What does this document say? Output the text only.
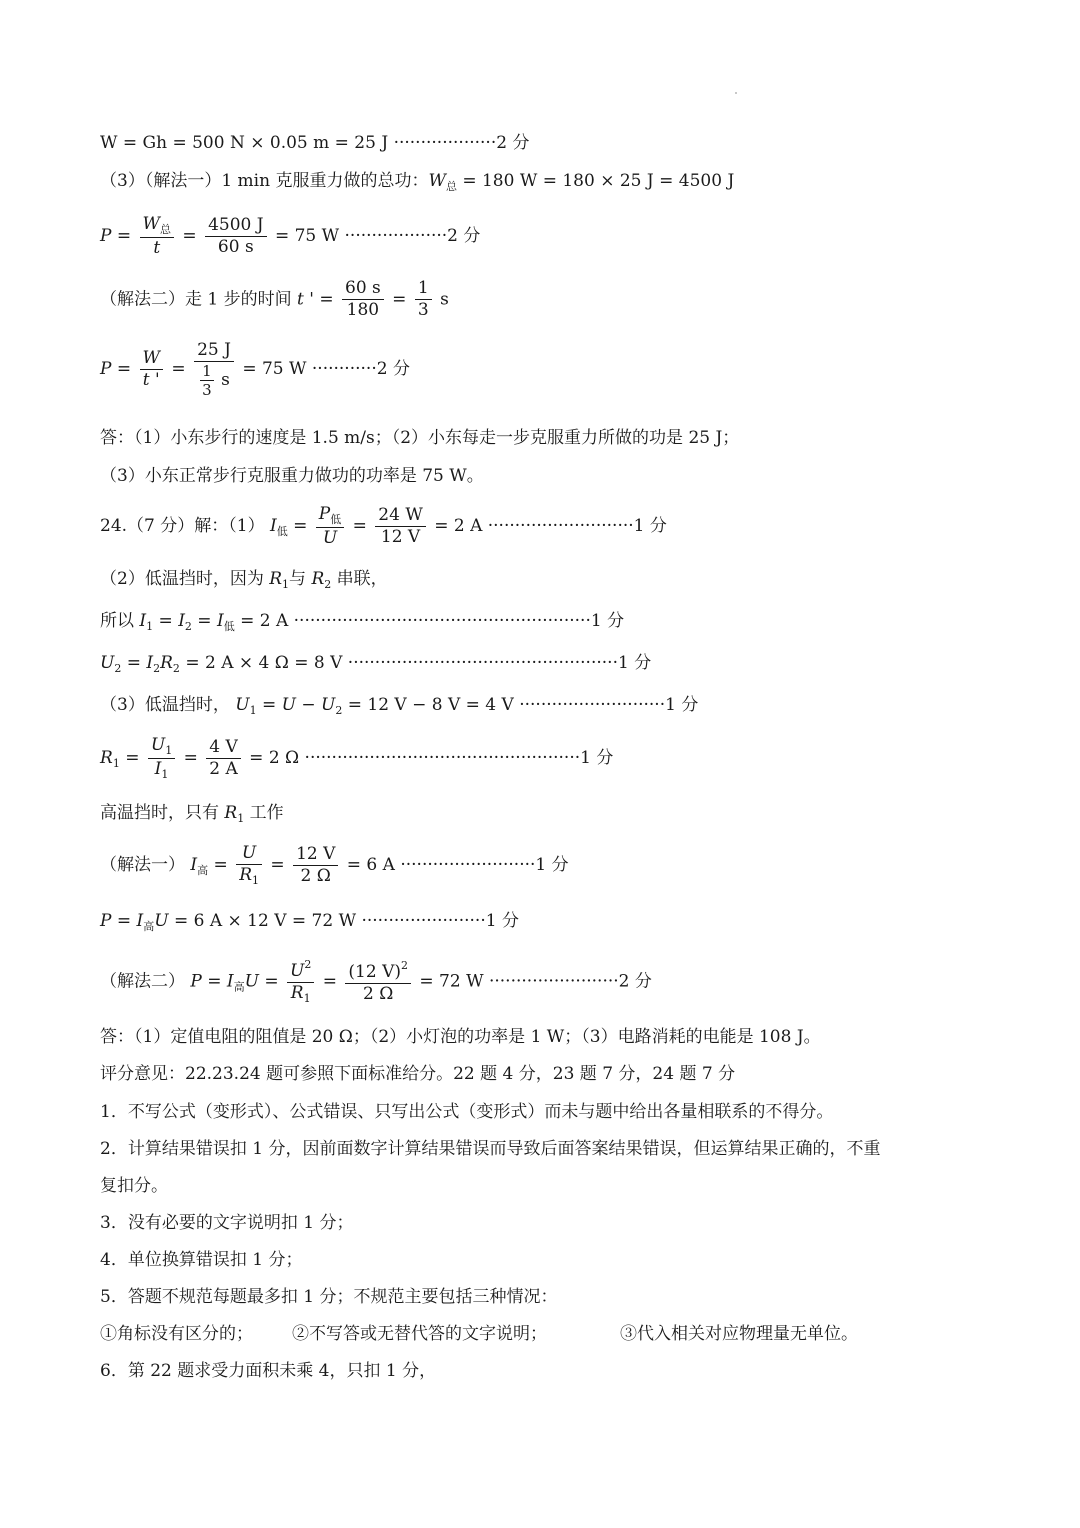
W = Gh = 500 N × 0.05 m = 25 J ···················2 分
（3）（解法一）1 min 克服重力做的总功：$W_总 = 180$ W = 180 × 25 J = 4500 J
$P = \frac{W_总}{t} = \frac{4500 J}{60 s} = 75$ W ···················2 分
（解法二）走 1 步的时间 t ' = $\frac{60 s}{180} = \frac{1}{3}$ s
$P = \frac{W}{t '} = \frac{25 J}{\frac{1}{3} s} = 75$ W ············2 分
答：（1）小东步行的速度是 1.5 m/s；（2）小东每走一步克服重力所做的功是 25 J；
（3）小东正常步行克服重力做功的功率是 75 W。
24.（7 分）解：（1） $I_低 = \frac{P_低}{U} = \frac{24 W}{12 V} = 2$ A ···························1 分
（2）低温挡时，因为 $R_1$与 $R_2$ 串联，
所以 $I_1 = I_2 = I_低 = 2$ A ·······················································1 分
$U_2 = I_2R_2 = 2$ A × 4 Ω = 8 V ··················································1 分
（3）低温挡时， $U_1 = U - U_2 = 12$ V − 8 V = 4 V ···························1 分
$R_1 = \frac{U_1}{I_1} = \frac{4 V}{2 A} = 2$ Ω ···················································1 分
高温挡时，只有 $R_1$ 工作
（解法一） $I_高 = \frac{U}{R_1} = \frac{12 V}{2 \Omega} = 6$ A ·························1 分
$P = I_高U = 6$ A × 12 V = 72 W ·······················1 分
（解法二） $P = I_高U = \frac{U^2}{R_1} = \frac{(12 V)^2}{2 \Omega} = 72$ W ························2 分
答：（1）定值电阻的阻值是 20 Ω；（2）小灯泡的功率是 1 W；（3）电路消耗的电能是 108 J。
评分意见：22.23.24 题可参照下面标准给分。22 题 4 分，23 题 7 分，24 题 7 分
1．不写公式（变形式）、公式错误、只写出公式（变形式）而未与题中给出各量相联系的不得分。
2．计算结果错误扣 1 分，因前面数字计算结果错误而导致后面答案结果错误，但运算结果正确的，不重
复扣分。
3．没有必要的文字说明扣 1 分；
4．单位换算错误扣 1 分；
5．答题不规范每题最多扣 1 分；不规范主要包括三种情况：
①角标没有区分的； ②不写答或无替代答的文字说明；	③代入相关对应物理量无单位。
6．第 22 题求受力面积未乘 4，只扣 1 分，
